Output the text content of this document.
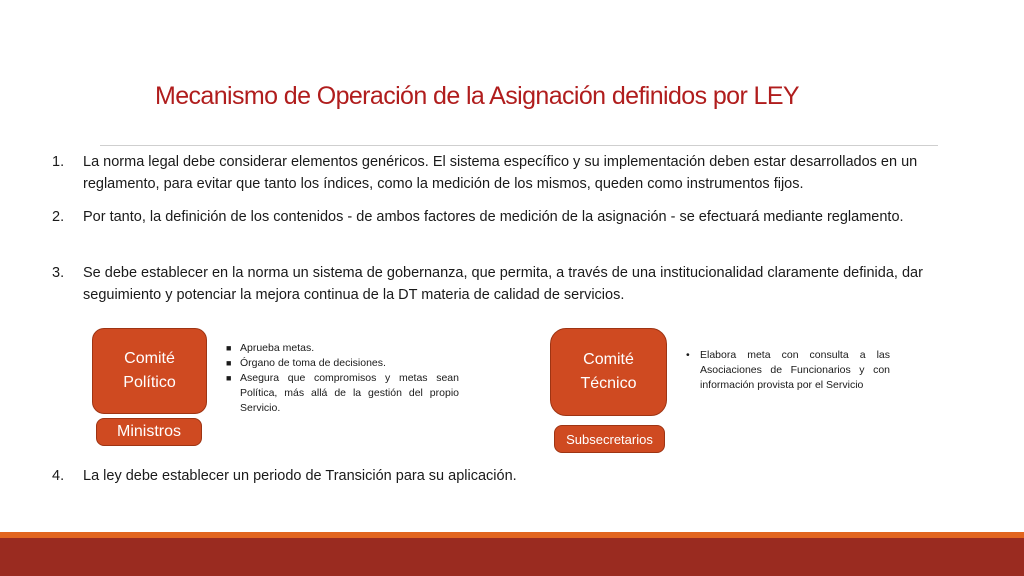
Mecanismo de Operación de la Asignación definidos por LEY
1. La norma legal debe considerar elementos genéricos. El sistema específico y su implementación deben estar desarrollados en un reglamento, para evitar que tanto los índices, como la medición de los mismos, queden como instrumentos fijos.
2. Por tanto, la definición de los contenidos - de ambos factores de medición de la asignación - se efectuará mediante reglamento.
3. Se debe establecer en la norma un sistema de gobernanza, que permita, a través de una institucionalidad claramente definida, dar seguimiento y potenciar la mejora continua de la DT materia de calidad de servicios.
Comité
Político
Ministros
■ Aprueba metas.
■ Órgano de toma de decisiones.
■ Asegura que compromisos y metas sean Política, más allá de la gestión del propio Servicio.
Comité
Técnico
Subsecretarios
• Elabora meta con consulta a las Asociaciones de Funcionarios y con información provista por el Servicio
4. La ley debe establecer un periodo de Transición para su aplicación.
